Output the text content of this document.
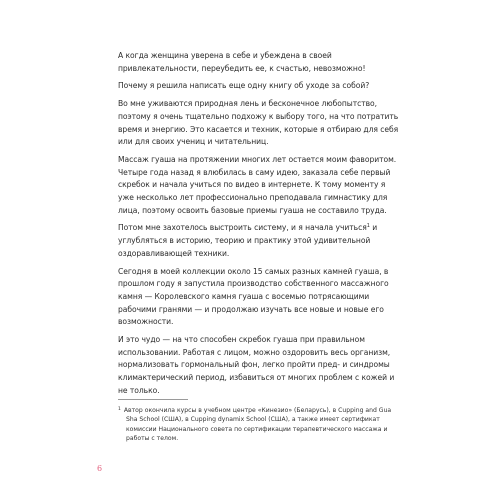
А когда женщина уверена в себе и убеждена в своей привлекательности, переубедить ее, к счастью, невозможно!

Почему я решила написать еще одну книгу об уходе за собой?

Во мне уживаются природная лень и бесконечное любопытство, поэтому я очень тщательно подхожу к выбору того, на что потратить время и энергию. Это касается и техник, которые я отбираю для себя или для своих учениц и читательниц.

Массаж гуаша на протяжении многих лет остается моим фаворитом. Четыре года назад я влюбилась в саму идею, заказала себе первый скребок и начала учиться по видео в интернете. К тому моменту я уже несколько лет профессионально преподавала гимнастику для лица, поэтому освоить базовые приемы гуаша не составило труда.

Потом мне захотелось выстроить систему, и я начала учиться$^1$ и углубляться в историю, теорию и практику этой удивительной оздоравливающей техники.

Сегодня в моей коллекции около 15 самых разных камней гуаша, в прошлом году я запустила производство собственного массажного камня — Королевского камня гуаша с восемью потрясающими рабочими гранями — и продолжаю изучать все новые и новые его возможности.

И это чудо — на что способен скребок гуаша при правильном использовании. Работая с лицом, можно оздоровить весь организм, нормализовать гормональный фон, легко пройти пред- и синдромы климактерический период, избавиться от многих проблем с кожей и не только.

$^1$ Автор окончила курсы в учебном центре «Кинезио» (Беларусь), в Cupping and Gua Sha School (США), в Cupping dynamix School (США), а также имеет сертификат комиссии Национального совета по сертификации терапевтического массажа и работы с телом.
6
